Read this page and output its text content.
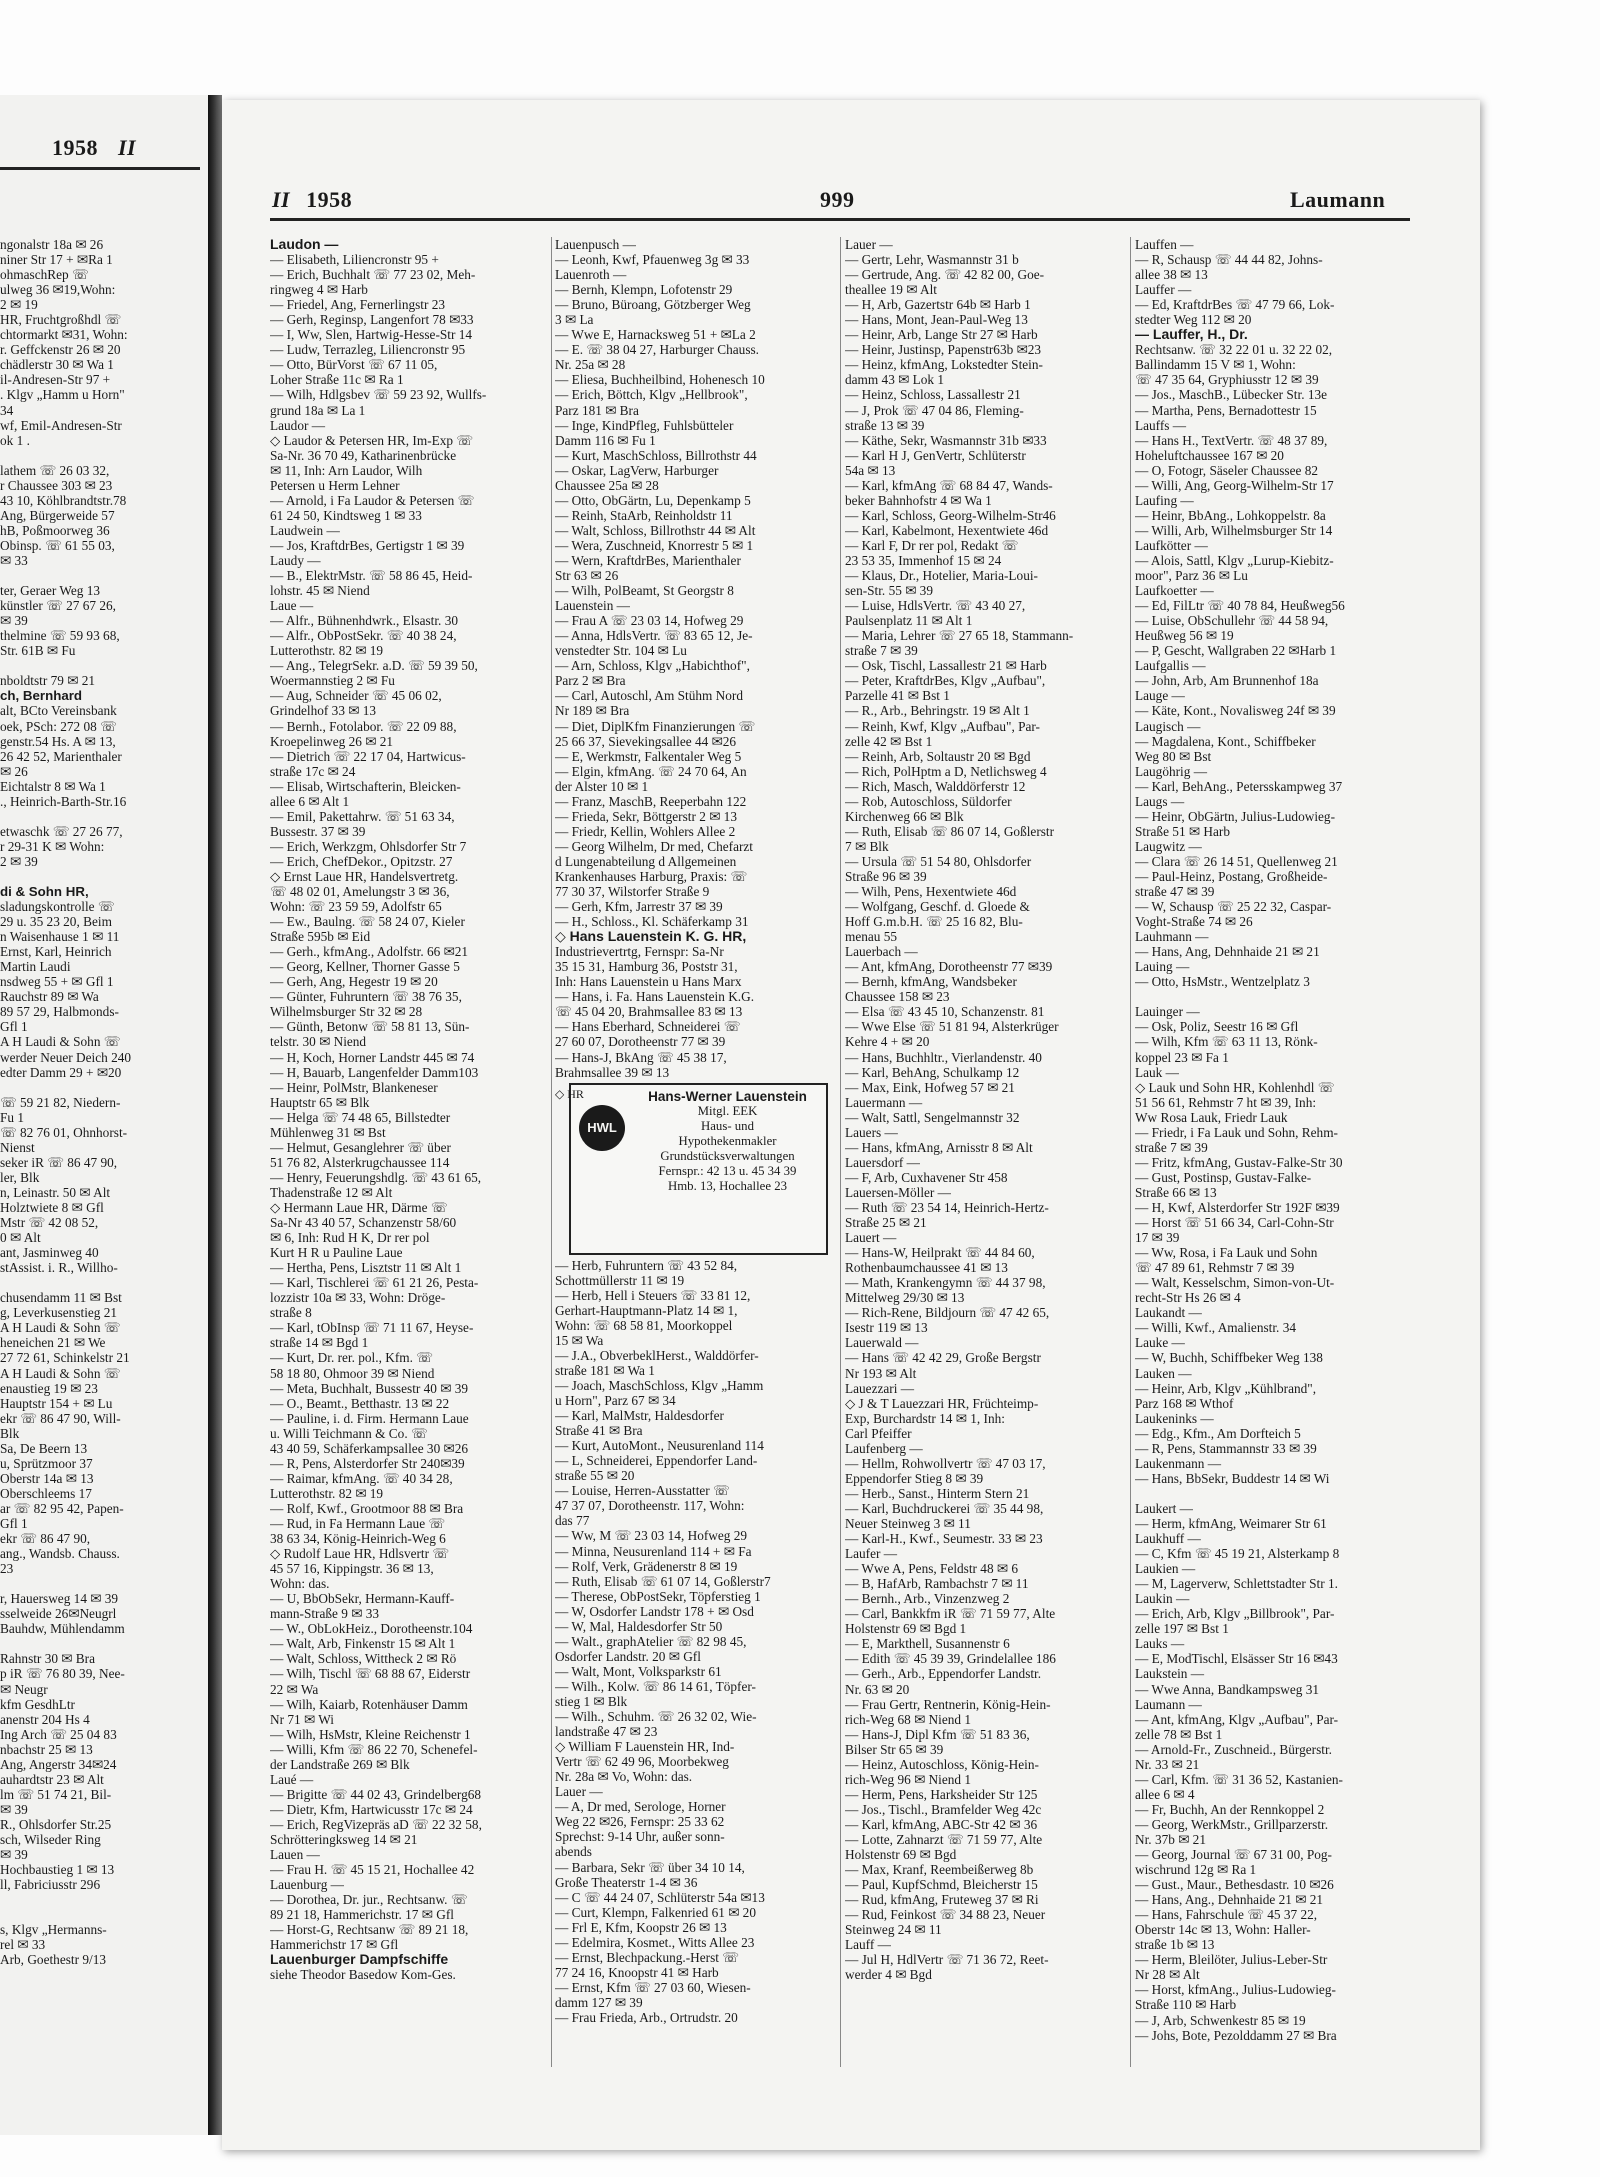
1958 II
ngonalstr 18a ✉ 26
niner Str 17 + ✉Ra 1
ohmaschRep ☏
ulweg 36 ✉19,Wohn:
2 ✉ 19
HR, Fruchtgroßhdl ☏
chtormarkt ✉31, Wohn:
r. Geffckenstr 26 ✉ 20
chädlerstr 30 ✉ Wa 1
il-Andresen-Str 97 +
. Klgv „Hamm u Horn"
34
wf, Emil-Andresen-Str
ok 1 .
lathem ☏ 26 03 32,
r Chaussee 303 ✉ 23
43 10, Köhlbrandtstr.78
Ang, Bürgerweide 57
hB, Poßmoorweg 36
Obinsp. ☏ 61 55 03,
✉ 33
ter, Geraer Weg 13
künstler ☏ 27 67 26,
✉ 39
thelmine ☏ 59 93 68,
Str. 61B ✉ Fu
nboldtstr 79 ✉ 21
ch, Bernhard
alt, BCto Vereinsbank
oek, PSch: 272 08 ☏
genstr.54 Hs. A ✉ 13,
26 42 52, Marienthaler
✉ 26
Eichtalstr 8 ✉ Wa 1
., Heinrich-Barth-Str.16
etwaschk ☏ 27 26 77,
r 29-31 K ✉ Wohn:
2 ✉ 39
di & Sohn HR,
sladungskontrolle ☏
29 u. 35 23 20, Beim
n Waisenhause 1 ✉ 11
Ernst, Karl, Heinrich
Martin Laudi
nsdweg 55 + ✉ Gfl 1
Rauchstr 89 ✉ Wa
89 57 29, Halbmonds-
Gfl 1
A H Laudi & Sohn ☏
werder Neuer Deich 240
edter Damm 29 + ✉20
☏ 59 21 82, Niedern-
Fu 1
☏ 82 76 01, Ohnhorst-
Nienst
seker iR ☏ 86 47 90,
ler, Blk
n, Leinastr. 50 ✉ Alt
Holztwiete 8 ✉ Gfl
Mstr ☏ 42 08 52,
0 ✉ Alt
ant, Jasminweg 40
stAssist. i. R., Willho-
chusendamm 11 ✉ Bst
g, Leverkusenstieg 21
A H Laudi & Sohn ☏
heneichen 21 ✉ We
27 72 61, Schinkelstr 21
A H Laudi & Sohn ☏
enaustieg 19 ✉ 23
Hauptstr 154 + ✉ Lu
ekr ☏ 86 47 90, Will-
Blk
Sa, De Beern 13
u, Sprützmoor 37
Oberstr 14a ✉ 13
Oberschleems 17
ar ☏ 82 95 42, Papen-
Gfl 1
ekr ☏ 86 47 90,
ang., Wandsb. Chauss.
23
r, Hauersweg 14 ✉ 39
sselweide 26✉Neugrl
Bauhdw, Mühlendamm
Rahnstr 30 ✉ Bra
p iR ☏ 76 80 39, Nee-
✉ Neugr
kfm GesdhLtr
anenstr 204 Hs 4
Ing Arch ☏ 25 04 83
nbachstr 25 ✉ 13
Ang, Angerstr 34✉24
auhardtstr 23 ✉ Alt
lm ☏ 51 74 21, Bil-
✉ 39
R., Ohlsdorfer Str.25
sch, Wilseder Ring
✉ 39
Hochbaustieg 1 ✉ 13
ll, Fabriciusstr 296
s, Klgv „Hermanns-
rel ✉ 33
Arb, Goethestr 9/13
II 1958	999	Laumann
Laudon —
— Elisabeth, Liliencronstr 95 +
— Erich, Buchhalt ☏ 77 23 02, Meh-
ringweg 4 ✉ Harb
— Friedel, Ang, Fernerlingstr 23
— Gerh, Reginsp, Langenfort 78 ✉33
— I, Ww, Slen, Hartwig-Hesse-Str 14
— Ludw, Terrazleg, Liliencronstr 95
— Otto, BürVorst ☏ 67 11 05,
Loher Straße 11c ✉ Ra 1
— Wilh, Hdlgsbev ☏ 59 23 92, Wullfs-
grund 18a ✉ La 1
Laudor —
◇ Laudor & Petersen HR, Im-Exp ☏
Sa-Nr. 36 70 49, Katharinenbrücke
✉ 11, Inh: Arn Laudor, Wilh
Petersen u Herm Lehner
— Arnold, i Fa Laudor & Petersen ☏
61 24 50, Kindtsweg 1 ✉ 33
Laudwein —
— Jos, KraftdrBes, Gertigstr 1 ✉ 39
Laudy —
— B., ElektrMstr. ☏ 58 86 45, Heid-
lohstr. 45 ✉ Niend
Laue —
— Alfr., Bühnenhdwrk., Elsastr. 30
— Alfr., ObPostSekr. ☏ 40 38 24,
Lutterothstr. 82 ✉ 19
— Ang., TelegrSekr. a.D. ☏ 59 39 50,
Woermannstieg 2 ✉ Fu
— Aug, Schneider ☏ 45 06 02,
Grindelhof 33 ✉ 13
— Bernh., Fotolabor. ☏ 22 09 88,
Kroepelinweg 26 ✉ 21
— Dietrich ☏ 22 17 04, Hartwicus-
straße 17c ✉ 24
— Elisab, Wirtschafterin, Bleicken-
allee 6 ✉ Alt 1
— Emil, Pakettahrw. ☏ 51 63 34,
Bussestr. 37 ✉ 39
— Erich, Werkzgm, Ohlsdorfer Str 7
— Erich, ChefDekor., Opitzstr. 27
◇ Ernst Laue HR, Handelsvertretg.
☏ 48 02 01, Amelungstr 3 ✉ 36,
Wohn: ☏ 23 59 59, Adolfstr 65
— Ew., Baulng. ☏ 58 24 07, Kieler
Straße 595b ✉ Eid
— Gerh., kfmAng., Adolfstr. 66 ✉21
— Georg, Kellner, Thorner Gasse 5
— Gerh, Ang, Hegestr 19 ✉ 20
— Günter, Fuhruntern ☏ 38 76 35,
Wilhelmsburger Str 32 ✉ 28
— Günth, Betonw ☏ 58 81 13, Sün-
telstr. 30 ✉ Niend
— H, Koch, Horner Landstr 445 ✉ 74
— H, Bauarb, Langenfelder Damm103
— Heinr, PolMstr, Blankeneser
Hauptstr 65 ✉ Blk
— Helga ☏ 74 48 65, Billstedter
Mühlenweg 31 ✉ Bst
— Helmut, Gesanglehrer ☏ über
51 76 82, Alsterkrugchaussee 114
— Henry, Feuerungshdlg. ☏ 43 61 65,
Thadenstraße 12 ✉ Alt
◇ Hermann Laue HR, Därme ☏
Sa-Nr 43 40 57, Schanzenstr 58/60
✉ 6, Inh: Rud H K, Dr rer pol
Kurt H R u Pauline Laue
— Hertha, Pens, Lisztstr 11 ✉ Alt 1
— Karl, Tischlerei ☏ 61 21 26, Pesta-
lozzistr 10a ✉ 33, Wohn: Dröge-
straße 8
— Karl, tObInsp ☏ 71 11 67, Heyse-
straße 14 ✉ Bgd 1
— Kurt, Dr. rer. pol., Kfm. ☏
58 18 80, Ohmoor 39 ✉ Niend
— Meta, Buchhalt, Bussestr 40 ✉ 39
— O., Beamt., Betthastr. 13 ✉ 22
— Pauline, i. d. Firm. Hermann Laue
u. Willi Teichmann & Co. ☏
43 40 59, Schäferkampsallee 30 ✉26
— R, Pens, Alsterdorfer Str 240✉39
— Raimar, kfmAng. ☏ 40 34 28,
Lutterothstr. 82 ✉ 19
— Rolf, Kwf., Grootmoor 88 ✉ Bra
— Rud, in Fa Hermann Laue ☏
38 63 34, König-Heinrich-Weg 6
◇ Rudolf Laue HR, Hdlsvertr ☏
45 57 16, Kippingstr. 36 ✉ 13,
Wohn: das.
— U, BbObSekr, Hermann-Kauff-
mann-Straße 9 ✉ 33
— W., ObLokHeiz., Dorotheenstr.104
— Walt, Arb, Finkenstr 15 ✉ Alt 1
— Walt, Schloss, Wittheck 2 ✉ Rö
— Wilh, Tischl ☏ 68 88 67, Eiderstr
22 ✉ Wa
— Wilh, Kaiarb, Rotenhäuser Damm
Nr 71 ✉ Wi
— Wilh, HsMstr, Kleine Reichenstr 1
— Willi, Kfm ☏ 86 22 70, Schenefel-
der Landstraße 269 ✉ Blk
Laué —
— Brigitte ☏ 44 02 43, Grindelberg68
— Dietr, Kfm, Hartwicusstr 17c ✉ 24
— Erich, RegVizepräs aD ☏ 22 32 58,
Schrötteringksweg 14 ✉ 21
Lauen —
— Frau H. ☏ 45 15 21, Hochallee 42
Lauenburg —
— Dorothea, Dr. jur., Rechtsanw. ☏
89 21 18, Hammerichstr. 17 ✉ Gfl
— Horst-G, Rechtsanw ☏ 89 21 18,
Hammerichstr 17 ✉ Gfl
Lauenburger Dampfschiffe
siehe Theodor Basedow Kom-Ges.
Lauenpusch —
— Leonh, Kwf, Pfauenweg 3g ✉ 33
Lauenroth —
— Bernh, Klempn, Lofotenstr 29
— Bruno, Büroang, Götzberger Weg
3 ✉ La
— Wwe E, Harnacksweg 51 + ✉La 2
— E. ☏ 38 04 27, Harburger Chauss.
Nr. 25a ✉ 28
— Eliesa, Buchheilbind, Hohenesch 10
— Erich, Böttch, Klgv „Hellbrook",
Parz 181 ✉ Bra
— Inge, KindPfleg, Fuhlsbütteler
Damm 116 ✉ Fu 1
— Kurt, MaschSchloss, Billrothstr 44
— Oskar, LagVerw, Harburger
Chaussee 25a ✉ 28
— Otto, ObGärtn, Lu, Depenkamp 5
— Reinh, StaArb, Reinholdstr 11
— Walt, Schloss, Billrothstr 44 ✉ Alt
— Wera, Zuschneid, Knorrestr 5 ✉ 1
— Wern, KraftdrBes, Marienthaler
Str 63 ✉ 26
— Wilh, PolBeamt, St Georgstr 8
Lauenstein —
— Frau A ☏ 23 03 14, Hofweg 29
— Anna, HdlsVertr. ☏ 83 65 12, Je-
venstedter Str. 104 ✉ Lu
— Arn, Schloss, Klgv „Habichthof",
Parz 2 ✉ Bra
— Carl, Autoschl, Am Stühm Nord
Nr 189 ✉ Bra
— Diet, DiplKfm Finanzierungen ☏
25 66 37, Sievekingsallee 44 ✉26
— E, Werkmstr, Falkentaler Weg 5
— Elgin, kfmAng. ☏ 24 70 64, An
der Alster 10 ✉ 1
— Franz, MaschB, Reeperbahn 122
— Frieda, Sekr, Böttgerstr 2 ✉ 13
— Friedr, Kellin, Wohlers Allee 2
— Georg Wilhelm, Dr med, Chefarzt
d Lungenabteilung d Allgemeinen
Krankenhauses Harburg, Praxis: ☏
77 30 37, Wilstorfer Straße 9
— Gerh, Kfm, Jarrestr 37 ✉ 39
— H., Schloss., Kl. Schäferkamp 31
◇ Hans Lauenstein K. G. HR,
Industrievertrtg, Fernspr: Sa-Nr
35 15 31, Hamburg 36, Poststr 31,
Inh: Hans Lauenstein u Hans Marx
— Hans, i. Fa. Hans Lauenstein K.G.
☏ 45 04 20, Brahmsallee 83 ✉ 13
— Hans Eberhard, Schneiderei ☏
27 60 07, Dorotheenstr 77 ✉ 39
— Hans-J, BkAng ☏ 45 38 17,
Brahmsallee 39 ✉ 13
HWL
◇ HR	Hans-Werner Lauenstein
Mitgl. EEK
Haus- und
Hypothekenmakler
Grundstücksverwaltungen
Fernspr.: 42 13 u. 45 34 39
Hmb. 13, Hochallee 23
— Herb, Fuhruntern ☏ 43 52 84,
Schottmüllerstr 11 ✉ 19
— Herb, Hell i Steuers ☏ 33 81 12,
Gerhart-Hauptmann-Platz 14 ✉ 1,
Wohn: ☏ 68 58 81, Moorkoppel
15 ✉ Wa
— J.A., ObverbeklHerst., Walddörfer-
straße 181 ✉ Wa 1
— Joach, MaschSchloss, Klgv „Hamm
u Horn", Parz 67 ✉ 34
— Karl, MalMstr, Haldesdorfer
Straße 41 ✉ Bra
— Kurt, AutoMont., Neusurenland 114
— L, Schneiderei, Eppendorfer Land-
straße 55 ✉ 20
— Louise, Herren-Ausstatter ☏
47 37 07, Dorotheenstr. 117, Wohn:
das 77
— Ww, M ☏ 23 03 14, Hofweg 29
— Minna, Neusurenland 114 + ✉ Fa
— Rolf, Verk, Grädenerstr 8 ✉ 19
— Ruth, Elisab ☏ 61 07 14, Goßlerstr7
— Therese, ObPostSekr, Töpferstieg 1
— W, Osdorfer Landstr 178 + ✉ Osd
— W, Mal, Haldesdorfer Str 50
— Walt., graphAtelier ☏ 82 98 45,
Osdorfer Landstr. 20 ✉ Gfl
— Walt, Mont, Volksparkstr 61
— Wilh., Kolw. ☏ 86 14 61, Töpfer-
stieg 1 ✉ Blk
— Wilh., Schuhm. ☏ 26 32 02, Wie-
landstraße 47 ✉ 23
◇ William F Lauenstein HR, Ind-
Vertr ☏ 62 49 96, Moorbekweg
Nr. 28a ✉ Vo, Wohn: das.
Lauer —
— A, Dr med, Serologe, Horner
Weg 22 ✉26, Fernspr: 25 33 62
Sprechst: 9-14 Uhr, außer sonn-
abends
— Barbara, Sekr ☏ über 34 10 14,
Große Theaterstr 1-4 ✉ 36
— C ☏ 44 24 07, Schlüterstr 54a ✉13
— Curt, Klempn, Falkenried 61 ✉ 20
— Frl E, Kfm, Koopstr 26 ✉ 13
— Edelmira, Kosmet., Witts Allee 23
— Ernst, Blechpackung.-Herst ☏
77 24 16, Knoopstr 41 ✉ Harb
— Ernst, Kfm ☏ 27 03 60, Wiesen-
damm 127 ✉ 39
— Frau Frieda, Arb., Ortrudstr. 20
Lauer —
— Gertr, Lehr, Wasmannstr 31 b
— Gertrude, Ang. ☏ 42 82 00, Goe-
theallee 19 ✉ Alt
— H, Arb, Gazertstr 64b ✉ Harb 1
— Hans, Mont, Jean-Paul-Weg 13
— Heinr, Arb, Lange Str 27 ✉ Harb
— Heinr, Justinsp, Papenstr63b ✉23
— Heinz, kfmAng, Lokstedter Stein-
damm 43 ✉ Lok 1
— Heinz, Schloss, Lassallestr 21
— J, Prok ☏ 47 04 86, Fleming-
straße 13 ✉ 39
— Käthe, Sekr, Wasmannstr 31b ✉33
— Karl H J, GenVertr, Schlüterstr
54a ✉ 13
— Karl, kfmAng ☏ 68 84 47, Wands-
beker Bahnhofstr 4 ✉ Wa 1
— Karl, Schloss, Georg-Wilhelm-Str46
— Karl, Kabelmont, Hexentwiete 46d
— Karl F, Dr rer pol, Redakt ☏
23 53 35, Immenhof 15 ✉ 24
— Klaus, Dr., Hotelier, Maria-Loui-
sen-Str. 55 ✉ 39
— Luise, HdlsVertr. ☏ 43 40 27,
Paulsenplatz 11 ✉ Alt 1
— Maria, Lehrer ☏ 27 65 18, Stammann-
straße 7 ✉ 39
— Osk, Tischl, Lassallestr 21 ✉ Harb
— Peter, KraftdrBes, Klgv „Aufbau",
Parzelle 41 ✉ Bst 1
— R., Arb., Behringstr. 19 ✉ Alt 1
— Reinh, Kwf, Klgv „Aufbau", Par-
zelle 42 ✉ Bst 1
— Reinh, Arb, Soltaustr 20 ✉ Bgd
— Rich, PolHptm a D, Netlichsweg 4
— Rich, Masch, Walddörferstr 12
— Rob, Autoschloss, Süldorfer
Kirchenweg 66 ✉ Blk
— Ruth, Elisab ☏ 86 07 14, Goßlerstr
7 ✉ Blk
— Ursula ☏ 51 54 80, Ohlsdorfer
Straße 96 ✉ 39
— Wilh, Pens, Hexentwiete 46d
— Wolfgang, Geschf. d. Gloede &
Hoff G.m.b.H. ☏ 25 16 82, Blu-
menau 55
Lauerbach —
— Ant, kfmAng, Dorotheenstr 77 ✉39
— Bernh, kfmAng, Wandsbeker
Chaussee 158 ✉ 23
— Elsa ☏ 43 45 10, Schanzenstr. 81
— Wwe Else ☏ 51 81 94, Alsterkrüger
Kehre 4 + ✉ 20
— Hans, Buchhltr., Vierlandenstr. 40
— Karl, BehAng, Schulkamp 12
— Max, Eink, Hofweg 57 ✉ 21
Lauermann —
— Walt, Sattl, Sengelmannstr 32
Lauers —
— Hans, kfmAng, Arnisstr 8 ✉ Alt
Lauersdorf —
— F, Arb, Cuxhavener Str 458
Lauersen-Möller —
— Ruth ☏ 23 54 14, Heinrich-Hertz-
Straße 25 ✉ 21
Lauert —
— Hans-W, Heilprakt ☏ 44 84 60,
Rothenbaumchaussee 41 ✉ 13
— Math, Krankengymn ☏ 44 37 98,
Mittelweg 29/30 ✉ 13
— Rich-Rene, Bildjourn ☏ 47 42 65,
Isestr 119 ✉ 13
Lauerwald —
— Hans ☏ 42 42 29, Große Bergstr
Nr 193 ✉ Alt
Lauezzari —
◇ J & T Lauezzari HR, Früchteimp-
Exp, Burchardstr 14 ✉ 1, Inh:
Carl Pfeiffer
Laufenberg —
— Hellm, Rohwollvertr ☏ 47 03 17,
Eppendorfer Stieg 8 ✉ 39
— Herb., Sanst., Hinterm Stern 21
— Karl, Buchdruckerei ☏ 35 44 98,
Neuer Steinweg 3 ✉ 11
— Karl-H., Kwf., Seumestr. 33 ✉ 23
Laufer —
— Wwe A, Pens, Feldstr 48 ✉ 6
— B, HafArb, Rambachstr 7 ✉ 11
— Bernh., Arb., Vinzenzweg 2
— Carl, Bankkfm iR ☏ 71 59 77, Alte
Holstenstr 69 ✉ Bgd 1
— E, Markthell, Susannenstr 6
— Edith ☏ 45 39 39, Grindelallee 186
— Gerh., Arb., Eppendorfer Landstr.
Nr. 63 ✉ 20
— Frau Gertr, Rentnerin, König-Hein-
rich-Weg 68 ✉ Niend 1
— Hans-J, Dipl Kfm ☏ 51 83 36,
Bilser Str 65 ✉ 39
— Heinz, Autoschloss, König-Hein-
rich-Weg 96 ✉ Niend 1
— Herm, Pens, Harksheider Str 125
— Jos., Tischl., Bramfelder Weg 42c
— Karl, kfmAng, ABC-Str 42 ✉ 36
— Lotte, Zahnarzt ☏ 71 59 77, Alte
Holstenstr 69 ✉ Bgd
— Max, Kranf, Reembeißerweg 8b
— Paul, KupfSchmd, Bleicherstr 15
— Rud, kfmAng, Fruteweg 37 ✉ Ri
— Rud, Feinkost ☏ 34 88 23, Neuer
Steinweg 24 ✉ 11
Lauff —
— Jul H, HdlVertr ☏ 71 36 72, Reet-
werder 4 ✉ Bgd
Lauffen —
— R, Schausp ☏ 44 44 82, Johns-
allee 38 ✉ 13
Lauffer —
— Ed, KraftdrBes ☏ 47 79 66, Lok-
stedter Weg 112 ✉ 20
— Lauffer, H., Dr.
Rechtsanw. ☏ 32 22 01 u. 32 22 02,
Ballindamm 15 V ✉ 1, Wohn:
☏ 47 35 64, Gryphiusstr 12 ✉ 39
— Jos., MaschB., Lübecker Str. 13e
— Martha, Pens, Bernadottestr 15
Lauffs —
— Hans H., TextVertr. ☏ 48 37 89,
Hoheluftchaussee 167 ✉ 20
— O, Fotogr, Säseler Chaussee 82
— Willi, Ang, Georg-Wilhelm-Str 17
Laufing —
— Heinr, BbAng., Lohkoppelstr. 8a
— Willi, Arb, Wilhelmsburger Str 14
Laufkötter —
— Alois, Sattl, Klgv „Lurup-Kiebitz-
moor", Parz 36 ✉ Lu
Laufkoetter —
— Ed, FilLtr ☏ 40 78 84, Heußweg56
— Luise, ObSchullehr ☏ 44 58 94,
Heußweg 56 ✉ 19
— P, Gescht, Wallgraben 22 ✉Harb 1
Laufgallis —
— John, Arb, Am Brunnenhof 18a
Lauge —
— Käte, Kont., Novalisweg 24f ✉ 39
Laugisch —
— Magdalena, Kont., Schiffbeker
Weg 80 ✉ Bst
Laugöhrig —
— Karl, BehAng., Petersskampweg 37
Laugs —
— Heinr, ObGärtn, Julius-Ludowieg-
Straße 51 ✉ Harb
Laugwitz —
— Clara ☏ 26 14 51, Quellenweg 21
— Paul-Heinz, Postang, Großheide-
straße 47 ✉ 39
— W, Schausp ☏ 25 22 32, Caspar-
Voght-Straße 74 ✉ 26
Lauhmann —
— Hans, Ang, Dehnhaide 21 ✉ 21
Lauing —
— Otto, HsMstr., Wentzelplatz 3
Lauinger —
— Osk, Poliz, Seestr 16 ✉ Gfl
— Wilh, Kfm ☏ 63 11 13, Rönk-
koppel 23 ✉ Fa 1
Lauk —
◇ Lauk und Sohn HR, Kohlenhdl ☏
51 56 61, Rehmstr 7 ht ✉ 39, Inh:
Ww Rosa Lauk, Friedr Lauk
— Friedr, i Fa Lauk und Sohn, Rehm-
straße 7 ✉ 39
— Fritz, kfmAng, Gustav-Falke-Str 30
— Gust, Postinsp, Gustav-Falke-
Straße 66 ✉ 13
— H, Kwf, Alsterdorfer Str 192F ✉39
— Horst ☏ 51 66 34, Carl-Cohn-Str
17 ✉ 39
— Ww, Rosa, i Fa Lauk und Sohn
☏ 47 89 61, Rehmstr 7 ✉ 39
— Walt, Kesselschm, Simon-von-Ut-
recht-Str Hs 26 ✉ 4
Laukandt —
— Willi, Kwf., Amalienstr. 34
Lauke —
— W, Buchh, Schiffbeker Weg 138
Lauken —
— Heinr, Arb, Klgv „Kühlbrand",
Parz 168 ✉ Wthof
Laukeninks —
— Edg., Kfm., Am Dorfteich 5
— R, Pens, Stammannstr 33 ✉ 39
Laukenmann —
— Hans, BbSekr, Buddestr 14 ✉ Wi
Laukert —
— Herm, kfmAng, Weimarer Str 61
Laukhuff —
— C, Kfm ☏ 45 19 21, Alsterkamp 8
Laukien —
— M, Lagerverw, Schlettstadter Str 1.
Laukin —
— Erich, Arb, Klgv „Billbrook", Par-
zelle 197 ✉ Bst 1
Lauks —
— E, ModTischl, Elsässer Str 16 ✉43
Laukstein —
— Wwe Anna, Bandkampsweg 31
Laumann —
— Ant, kfmAng, Klgv „Aufbau", Par-
zelle 78 ✉ Bst 1
— Arnold-Fr., Zuschneid., Bürgerstr.
Nr. 33 ✉ 21
— Carl, Kfm. ☏ 31 36 52, Kastanien-
allee 6 ✉ 4
— Fr, Buchh, An der Rennkoppel 2
— Georg, WerkMstr., Grillparzerstr.
Nr. 37b ✉ 21
— Georg, Journal ☏ 67 31 00, Pog-
wischrund 12g ✉ Ra 1
— Gust., Maur., Bethesdastr. 10 ✉26
— Hans, Ang., Dehnhaide 21 ✉ 21
— Hans, Fahrschule ☏ 45 37 22,
Oberstr 14c ✉ 13, Wohn: Haller-
straße 1b ✉ 13
— Herm, Bleilöter, Julius-Leber-Str
Nr 28 ✉ Alt
— Horst, kfmAng., Julius-Ludowieg-
Straße 110 ✉ Harb
— J, Arb, Schwenkestr 85 ✉ 19
— Johs, Bote, Pezolddamm 27 ✉ Bra
